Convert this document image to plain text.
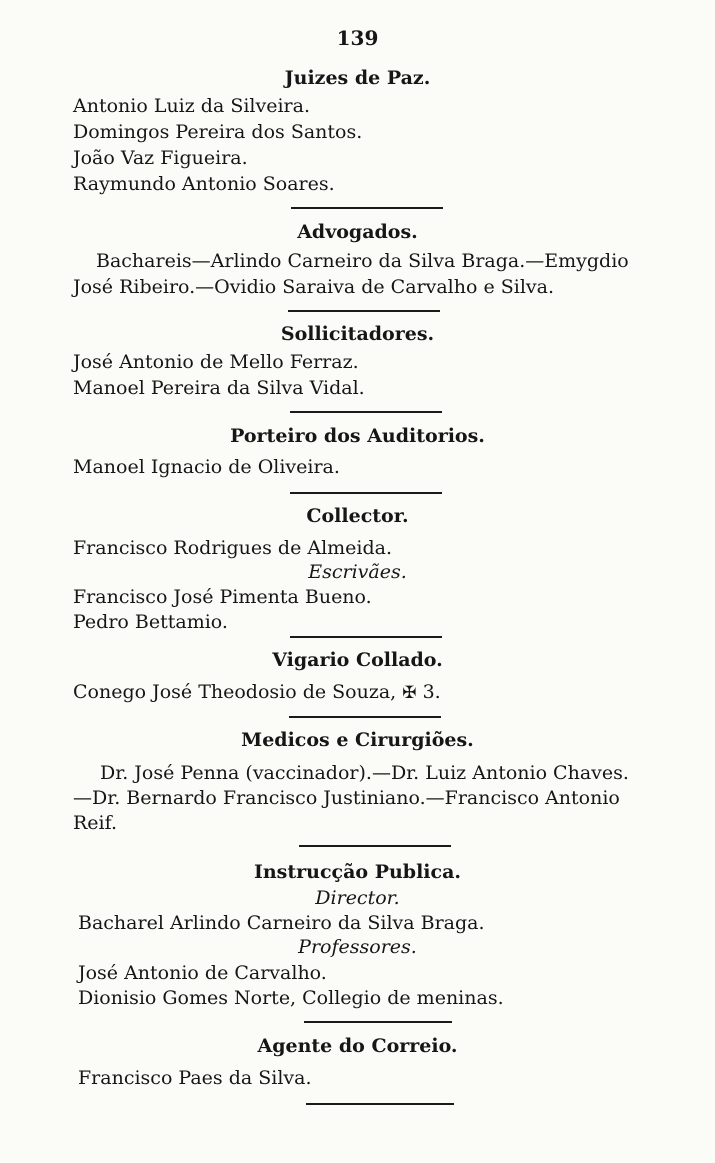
139
Juizes de Paz.
Antonio Luiz da Silveira.
Domingos Pereira dos Santos.
João Vaz Figueira.
Raymundo Antonio Soares.
Advogados.
Bachareis—Arlindo Carneiro da Silva Braga.—Emygdio
José Ribeiro.—Ovidio Saraiva de Carvalho e Silva.
Sollicitadores.
José Antonio de Mello Ferraz.
Manoel Pereira da Silva Vidal.
Porteiro dos Auditorios.
Manoel Ignacio de Oliveira.
Collector.
Francisco Rodrigues de Almeida.
Escrivães.
Francisco José Pimenta Bueno.
Pedro Bettamio.
Vigario Collado.
Conego José Theodosio de Souza, ✠ 3.
Medicos e Cirurgiões.
Dr. José Penna (vaccinador).—Dr. Luiz Antonio Chaves.
—Dr. Bernardo Francisco Justiniano.—Francisco Antonio
Reif.
Instrucção Publica.
Director.
Bacharel Arlindo Carneiro da Silva Braga.
Professores.
José Antonio de Carvalho.
Dionisio Gomes Norte, Collegio de meninas.
Agente do Correio.
Francisco Paes da Silva.
